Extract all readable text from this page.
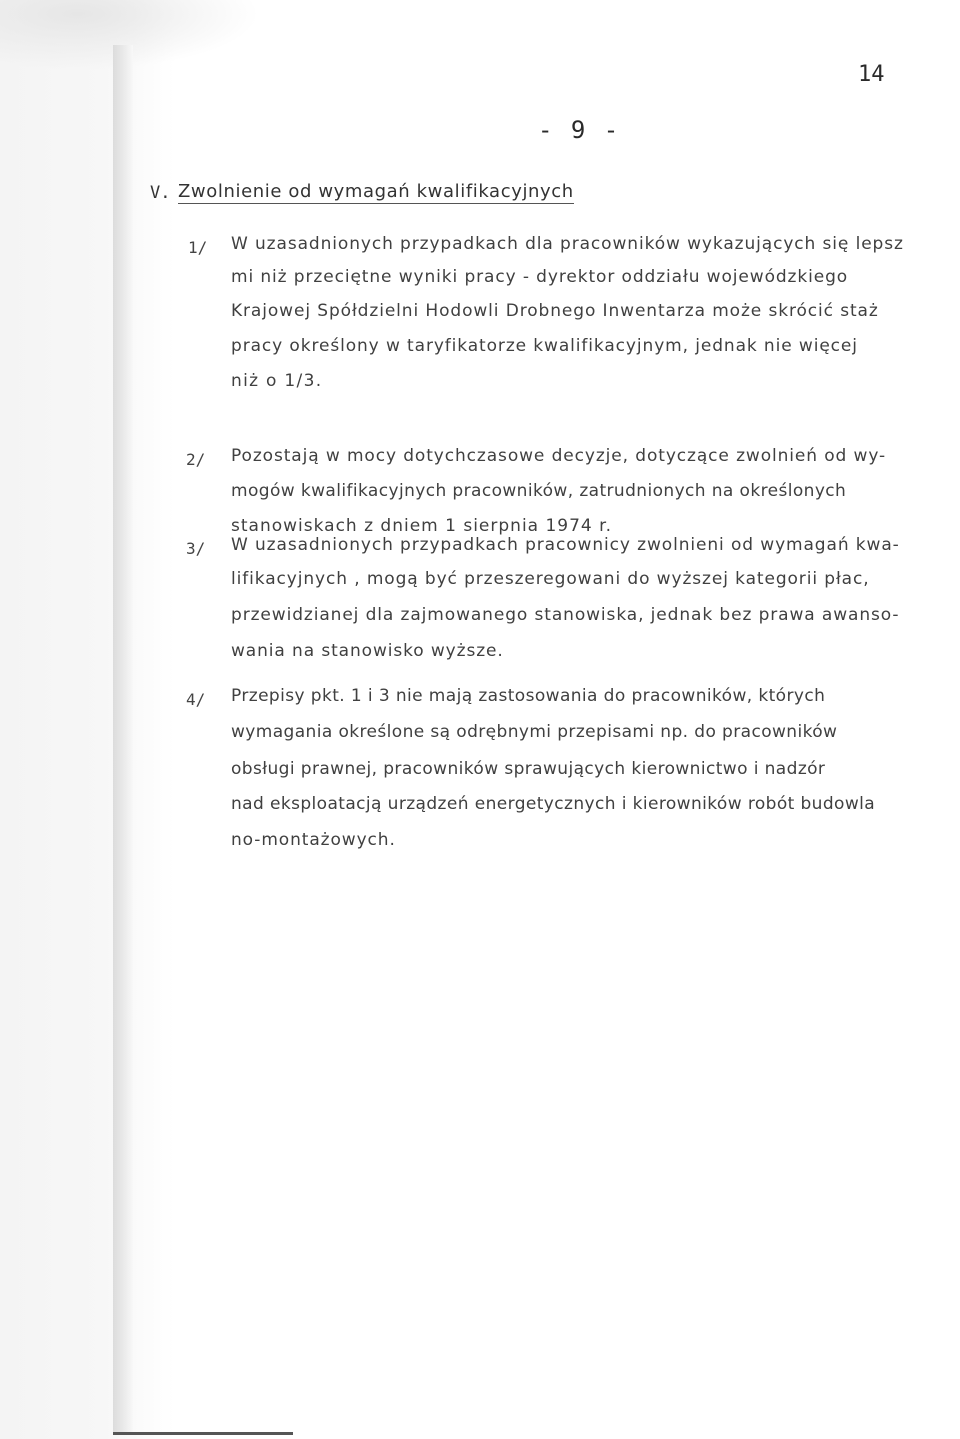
14
- 9 -
V. Zwolnienie od wymagań kwalifikacyjnych
1/ W uzasadnionych przypadkach dla pracowników wykazujących się lepsz
mi niż przeciętne wyniki pracy - dyrektor oddziału wojewódzkiego
Krajowej Spółdzielni Hodowli Drobnego Inwentarza może skrócić staż
pracy określony w taryfikatorze kwalifikacyjnym, jednak nie więcej
niż o 1/3.
2/ Pozostają w mocy dotychczasowe decyzje, dotyczące zwolnień od wy-
mogów kwalifikacyjnych pracowników, zatrudnionych na określonych
stanowiskach z dniem 1 sierpnia 1974 r.
3/ W uzasadnionych przypadkach pracownicy zwolnieni od wymagań kwa-
lifikacyjnych , mogą być przeszeregowani do wyższej kategorii płac,
przewidzianej dla zajmowanego stanowiska, jednak bez prawa awanso-
wania na stanowisko wyższe.
4/ Przepisy pkt. 1 i 3 nie mają zastosowania do pracowników, których
wymagania określone są odrębnymi przepisami np. do pracowników
obsługi prawnej, pracowników sprawujących kierownictwo i nadzór
nad eksploatacją urządzeń energetycznych i kierowników robót budowla
no-montażowych.
